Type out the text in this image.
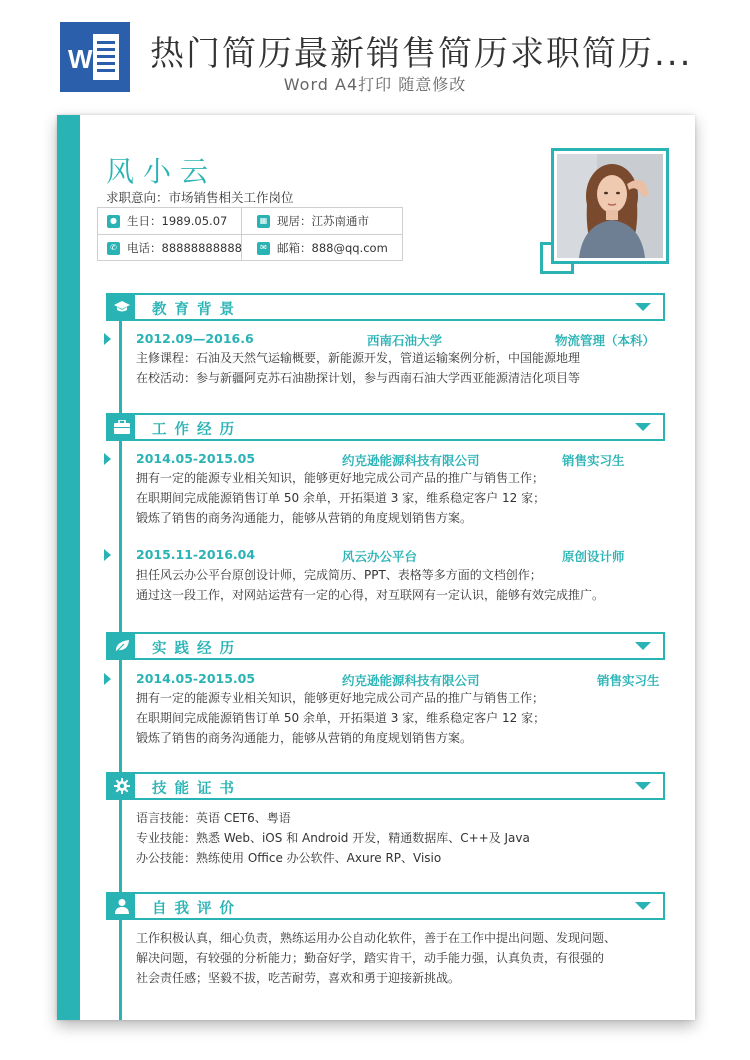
W 热门简历最新销售简历求职简历...
Word A4打印 随意修改
风小云
求职意向：市场销售相关工作岗位
● 生日：1989.05.07	▦ 现居：江苏南通市
✆ 电话：88888888888	✉ 邮箱：888@qq.com
教育背景
2012.09—2016.6	西南石油大学	物流管理（本科）
主修课程：石油及天然气运输概要，新能源开发，管道运输案例分析，中国能源地理
在校活动：参与新疆阿克苏石油勘探计划，参与西南石油大学西亚能源清洁化项目等
工作经历
2014.05-2015.05	约克逊能源科技有限公司	销售实习生
拥有一定的能源专业相关知识，能够更好地完成公司产品的推广与销售工作；
在职期间完成能源销售订单 50 余单，开拓渠道 3 家，维系稳定客户 12 家；
锻炼了销售的商务沟通能力，能够从营销的角度规划销售方案。
2015.11-2016.04	风云办公平台	原创设计师
担任风云办公平台原创设计师，完成简历、PPT、表格等多方面的文档创作；
通过这一段工作，对网站运营有一定的心得，对互联网有一定认识，能够有效完成推广。
实践经历
2014.05-2015.05	约克逊能源科技有限公司	销售实习生
拥有一定的能源专业相关知识，能够更好地完成公司产品的推广与销售工作；
在职期间完成能源销售订单 50 余单，开拓渠道 3 家，维系稳定客户 12 家；
锻炼了销售的商务沟通能力，能够从营销的角度规划销售方案。
技能证书
语言技能：英语 CET6、粤语
专业技能：熟悉 Web、iOS 和 Android 开发，精通数据库、C++及 Java
办公技能：熟练使用 Office 办公软件、Axure RP、Visio
自我评价
工作积极认真，细心负责，熟练运用办公自动化软件，善于在工作中提出问题、发现问题、
解决问题，有较强的分析能力；勤奋好学，踏实肯干，动手能力强，认真负责，有很强的
社会责任感；坚毅不拔，吃苦耐劳，喜欢和勇于迎接新挑战。
